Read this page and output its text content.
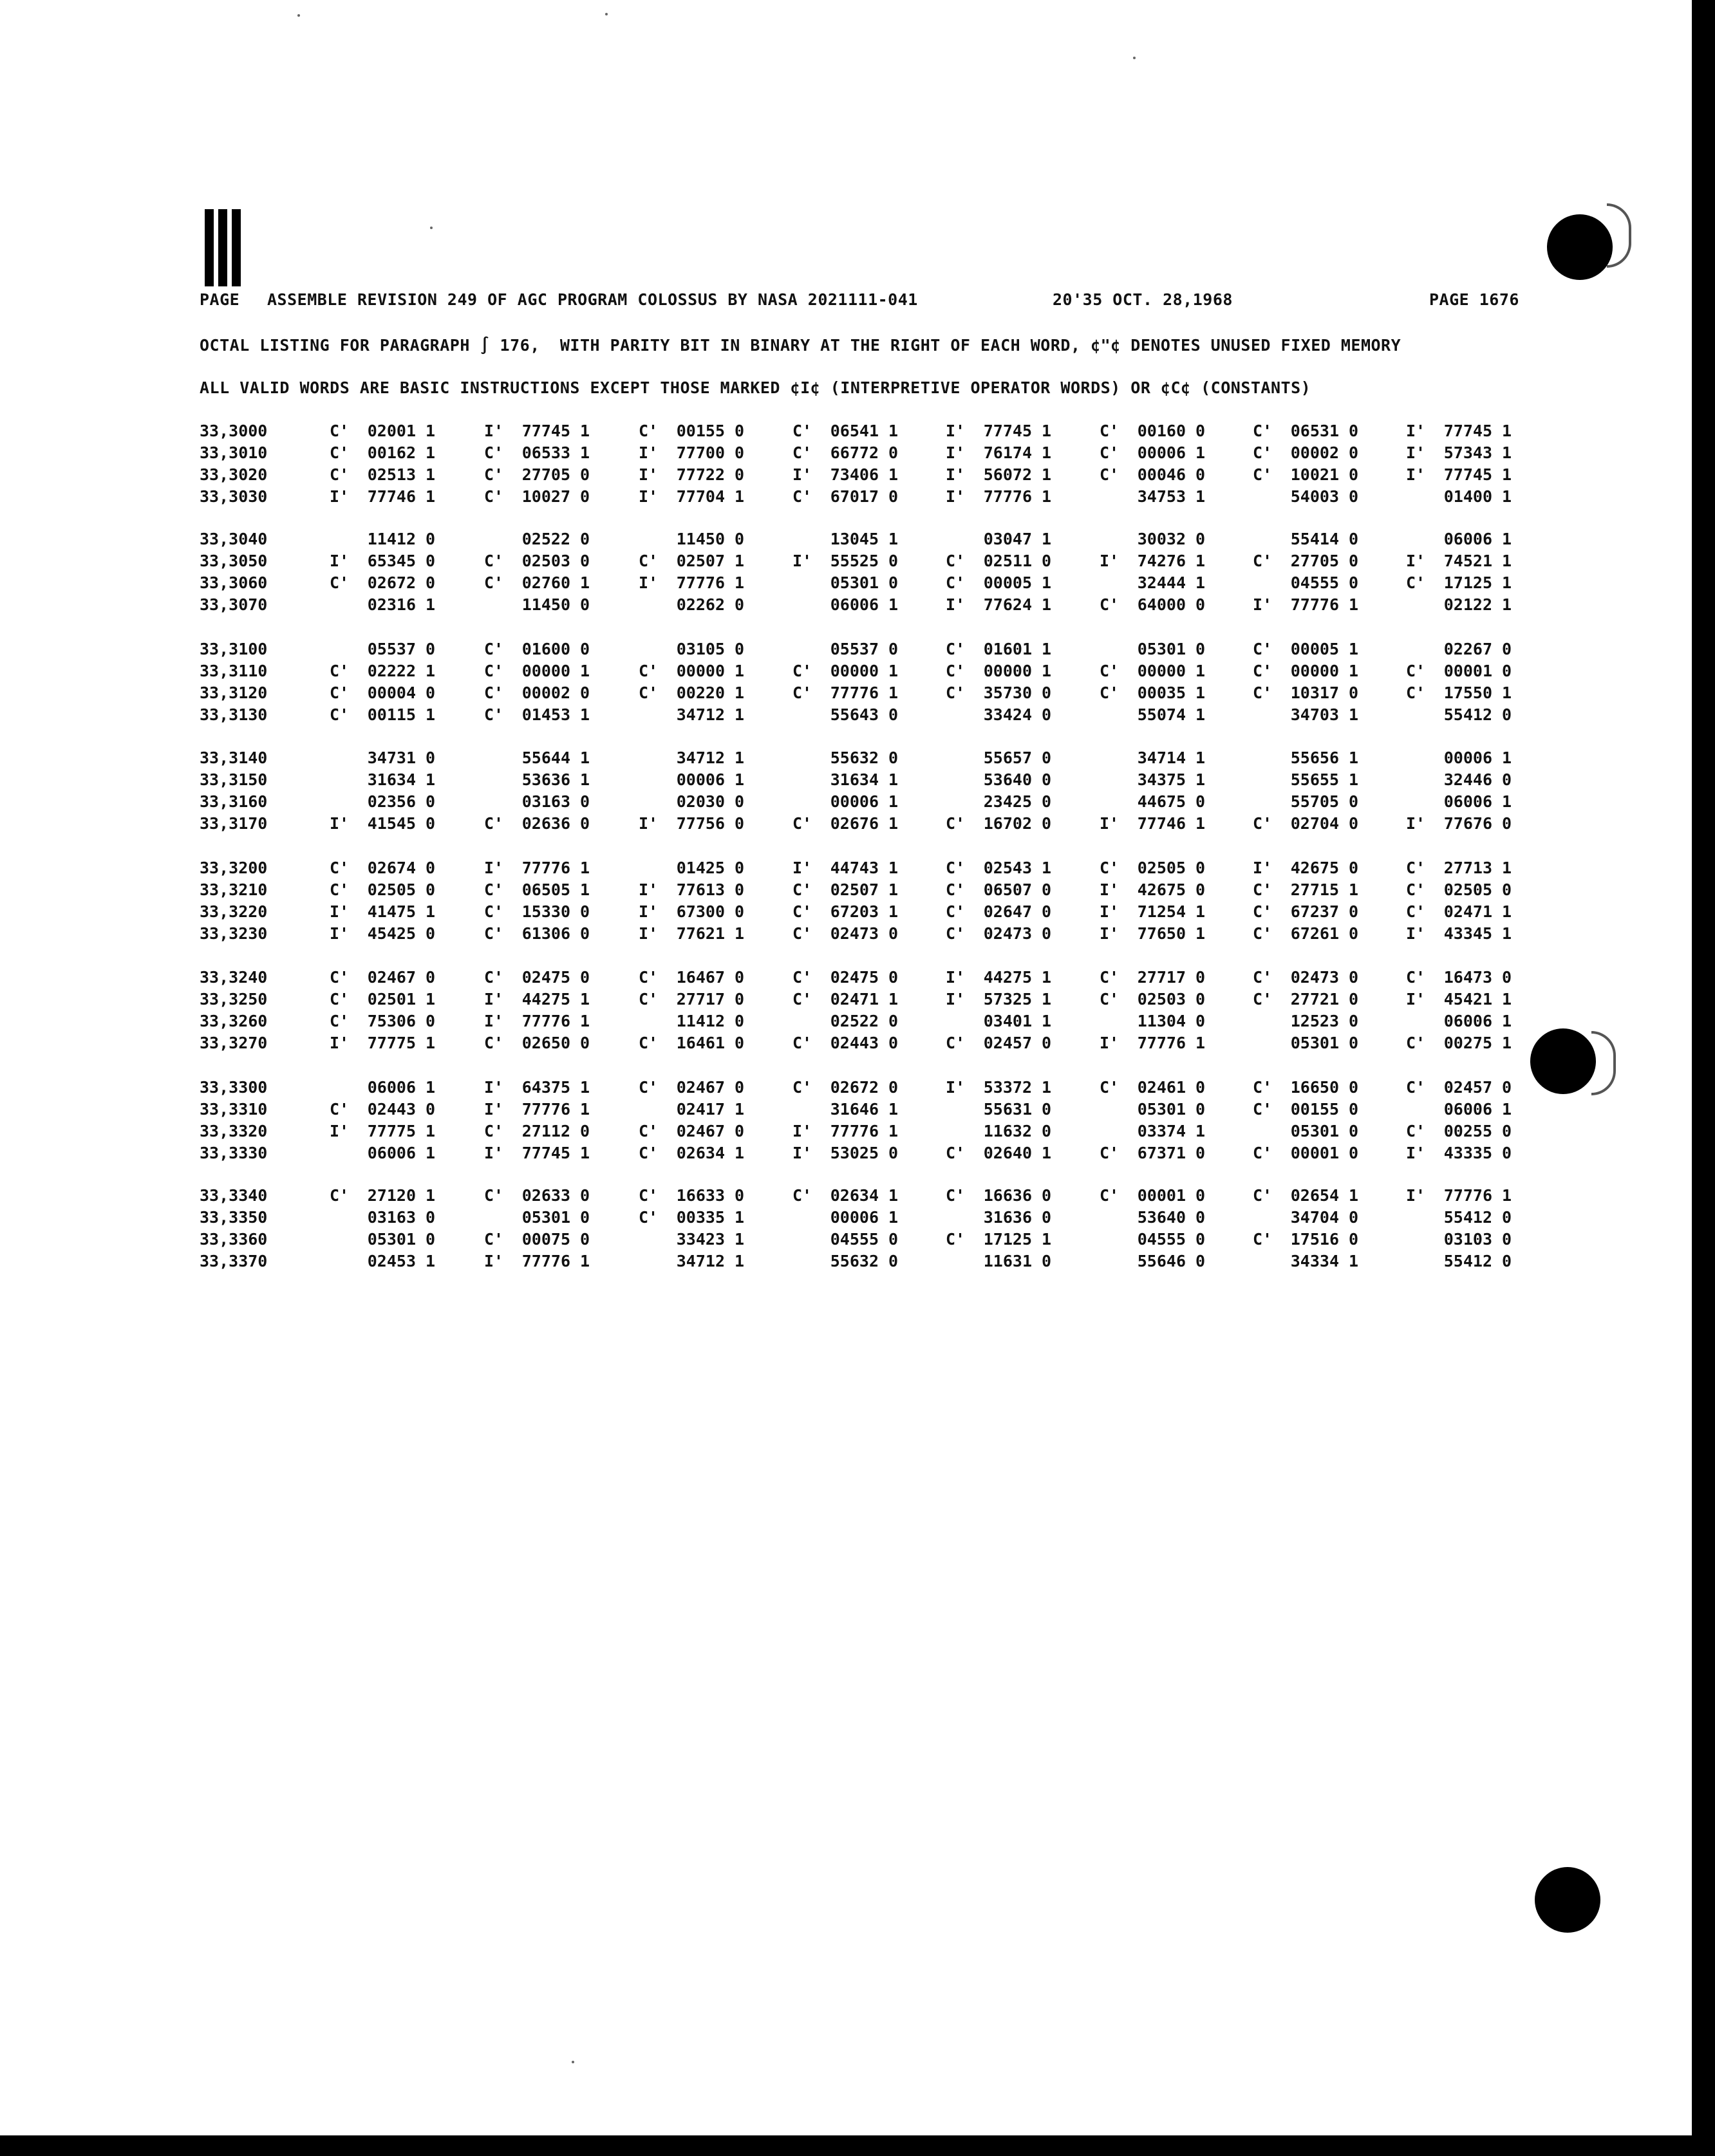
PAGE

ASSEMBLE REVISION 249 OF AGC PROGRAM COLOSSUS BY NASA 2021111-041

	20'35 OCT. 28,1968

	PAGE 1676

OCTAL LISTING FOR PARAGRAPH ∫ 176,  WITH PARITY BIT IN BINARY AT THE RIGHT OF EACH WORD, ¢"¢ DENOTES UNUSED FIXED MEMORY
ALL VALID WORDS ARE BASIC INSTRUCTIONS EXCEPT THOSE MARKED ¢I¢ (INTERPRETIVE OPERATOR WORDS) OR ¢C¢ (CONSTANTS)
33,3000	C' 02001 1	I' 77745 1	C' 00155 0	C' 06541 1	I' 77745 1	C' 00160 0	C' 06531 0	I' 77745 1
33,3010	C' 00162 1	C' 06533 1	I' 77700 0	C' 66772 0	I' 76174 1	C' 00006 1	C' 00002 0	I' 57343 1
33,3020	C' 02513 1	C' 27705 0	I' 77722 0	I' 73406 1	I' 56072 1	C' 00046 0	C' 10021 0	I' 77745 1
33,3030	I' 77746 1	C' 10027 0	I' 77704 1	C' 67017 0	I' 77776 1	34753 1	54003 0	01400 1
33,3040	11412 0	02522 0	11450 0	13045 1	03047 1	30032 0	55414 0	06006 1
33,3050	I' 65345 0	C' 02503 0	C' 02507 1	I' 55525 0	C' 02511 0	I' 74276 1	C' 27705 0	I' 74521 1
33,3060	C' 02672 0	C' 02760 1	I' 77776 1	05301 0	C' 00005 1	32444 1	04555 0	C' 17125 1
33,3070	02316 1	11450 0	02262 0	06006 1	I' 77624 1	C' 64000 0	I' 77776 1	02122 1
33,3100	05537 0	C' 01600 0	03105 0	05537 0	C' 01601 1	05301 0	C' 00005 1	02267 0
33,3110	C' 02222 1	C' 00000 1	C' 00000 1	C' 00000 1	C' 00000 1	C' 00000 1	C' 00000 1	C' 00001 0
33,3120	C' 00004 0	C' 00002 0	C' 00220 1	C' 77776 1	C' 35730 0	C' 00035 1	C' 10317 0	C' 17550 1
33,3130	C' 00115 1	C' 01453 1	34712 1	55643 0	33424 0	55074 1	34703 1	55412 0
33,3140	34731 0	55644 1	34712 1	55632 0	55657 0	34714 1	55656 1	00006 1
33,3150	31634 1	53636 1	00006 1	31634 1	53640 0	34375 1	55655 1	32446 0
33,3160	02356 0	03163 0	02030 0	00006 1	23425 0	44675 0	55705 0	06006 1
33,3170	I' 41545 0	C' 02636 0	I' 77756 0	C' 02676 1	C' 16702 0	I' 77746 1	C' 02704 0	I' 77676 0
33,3200	C' 02674 0	I' 77776 1	01425 0	I' 44743 1	C' 02543 1	C' 02505 0	I' 42675 0	C' 27713 1
33,3210	C' 02505 0	C' 06505 1	I' 77613 0	C' 02507 1	C' 06507 0	I' 42675 0	C' 27715 1	C' 02505 0
33,3220	I' 41475 1	C' 15330 0	I' 67300 0	C' 67203 1	C' 02647 0	I' 71254 1	C' 67237 0	C' 02471 1
33,3230	I' 45425 0	C' 61306 0	I' 77621 1	C' 02473 0	C' 02473 0	I' 77650 1	C' 67261 0	I' 43345 1
33,3240	C' 02467 0	C' 02475 0	C' 16467 0	C' 02475 0	I' 44275 1	C' 27717 0	C' 02473 0	C' 16473 0
33,3250	C' 02501 1	I' 44275 1	C' 27717 0	C' 02471 1	I' 57325 1	C' 02503 0	C' 27721 0	I' 45421 1
33,3260	C' 75306 0	I' 77776 1	11412 0	02522 0	03401 1	11304 0	12523 0	06006 1
33,3270	I' 77775 1	C' 02650 0	C' 16461 0	C' 02443 0	C' 02457 0	I' 77776 1	05301 0	C' 00275 1
33,3300	06006 1	I' 64375 1	C' 02467 0	C' 02672 0	I' 53372 1	C' 02461 0	C' 16650 0	C' 02457 0
33,3310	C' 02443 0	I' 77776 1	02417 1	31646 1	55631 0	05301 0	C' 00155 0	06006 1
33,3320	I' 77775 1	C' 27112 0	C' 02467 0	I' 77776 1	11632 0	03374 1	05301 0	C' 00255 0
33,3330	06006 1	I' 77745 1	C' 02634 1	I' 53025 0	C' 02640 1	C' 67371 0	C' 00001 0	I' 43335 0
33,3340	C' 27120 1	C' 02633 0	C' 16633 0	C' 02634 1	C' 16636 0	C' 00001 0	C' 02654 1	I' 77776 1
33,3350	03163 0	05301 0	C' 00335 1	00006 1	31636 0	53640 0	34704 0	55412 0
33,3360	05301 0	C' 00075 0	33423 1	04555 0	C' 17125 1	04555 0	C' 17516 0	03103 0
33,3370	02453 1	I' 77776 1	34712 1	55632 0	11631 0	55646 0	34334 1	55412 0
